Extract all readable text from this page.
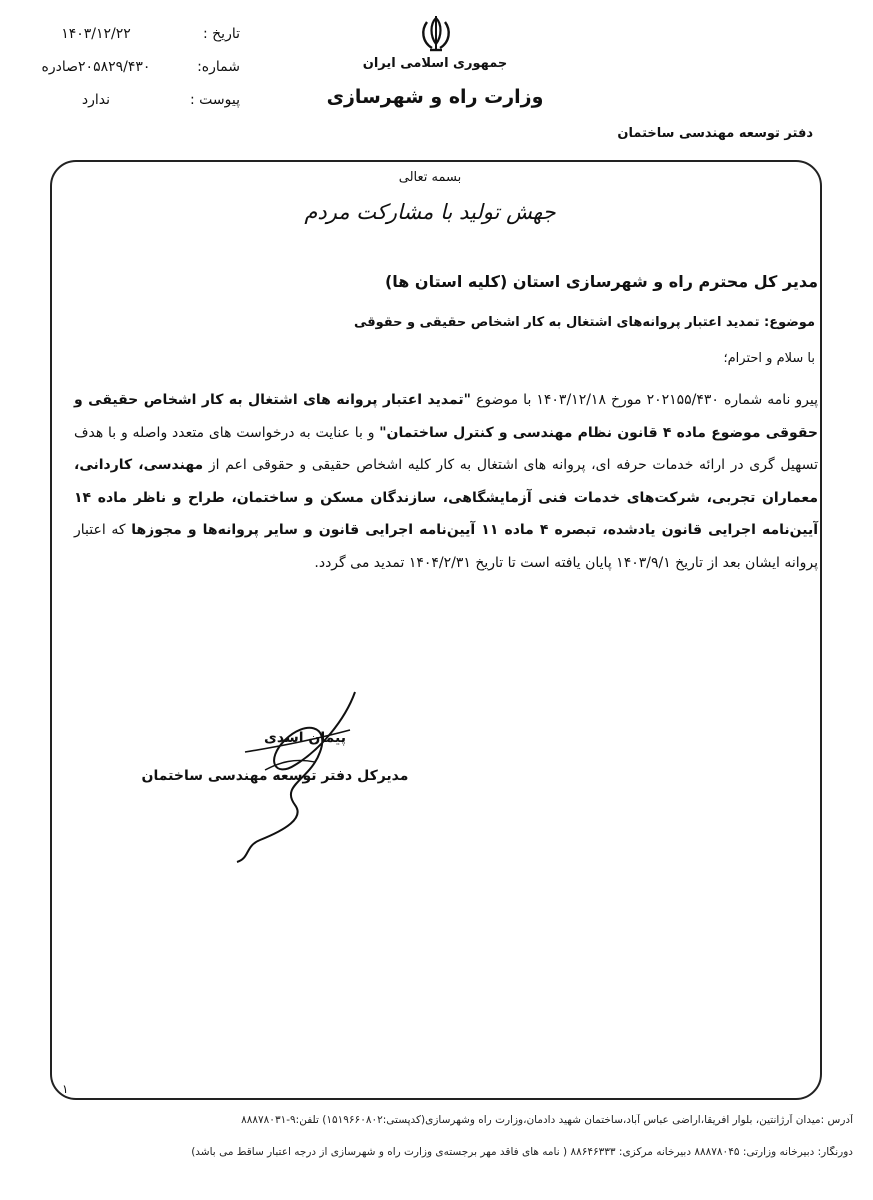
جمهوری اسلامی ایران
وزارت راه و شهرسازی
تاریخ :
۱۴۰۳/۱۲/۲۲
شماره:
۲۰۵۸۲۹/۴۳۰صادره
پیوست :
ندارد
دفتر توسعه مهندسی ساختمان
بسمه تعالی
جهش تولید با مشارکت مردم
مدیر کل محترم راه و شهرسازی استان (کلیه استان ها)
موضوع: تمدید اعتبار پروانه‌های اشتغال به کار اشخاص حقیقی و حقوقی
با سلام و احترام؛
پیرو نامه شماره ۲۰۲۱۵۵/۴۳۰ مورخ ۱۴۰۳/۱۲/۱۸ با موضوع "تمدید اعتبار پروانه های اشتغال به کار اشخاص حقیقی و حقوقی موضوع ماده ۴ قانون نظام مهندسی و کنترل ساختمان" و با عنایت به درخواست های متعدد واصله و با هدف تسهیل گری در ارائه خدمات حرفه ای، پروانه های اشتغال به کار کلیه اشخاص حقیقی و حقوقی اعم از مهندسی، کاردانی، معماران تجربی، شرکت‌های خدمات فنی آزمایشگاهی، سازندگان مسکن و ساختمان، طراح و ناظر ماده ۱۴ آیین‌نامه اجرایی قانون یادشده، تبصره ۴ ماده ۱۱ آیین‌نامه اجرایی قانون و سایر پروانه‌ها و مجوزها که اعتبار پروانه ایشان بعد از تاریخ ۱۴۰۳/۹/۱ پایان یافته است تا تاریخ ۱۴۰۴/۲/۳۱ تمدید می گردد.
پیمان اسدی
مدیرکل دفتر توسعه مهندسی ساختمان
۱
آدرس :میدان آرژانتین، بلوار افریقا،اراضی عباس آباد،ساختمان شهید دادمان،وزارت راه وشهرسازی(کدپستی:۱۵۱۹۶۶۰۸۰۲) تلفن:۹-۸۸۸۷۸۰۳۱
دورنگار: دبیرخانه وزارتی: ۸۸۸۷۸۰۴۵ دبیرخانه مرکزی: ۸۸۶۴۶۳۳۳ ( نامه های فاقد مهر برجسته‌ی وزارت راه و شهرسازی از درجه اعتبار ساقط می باشد)
